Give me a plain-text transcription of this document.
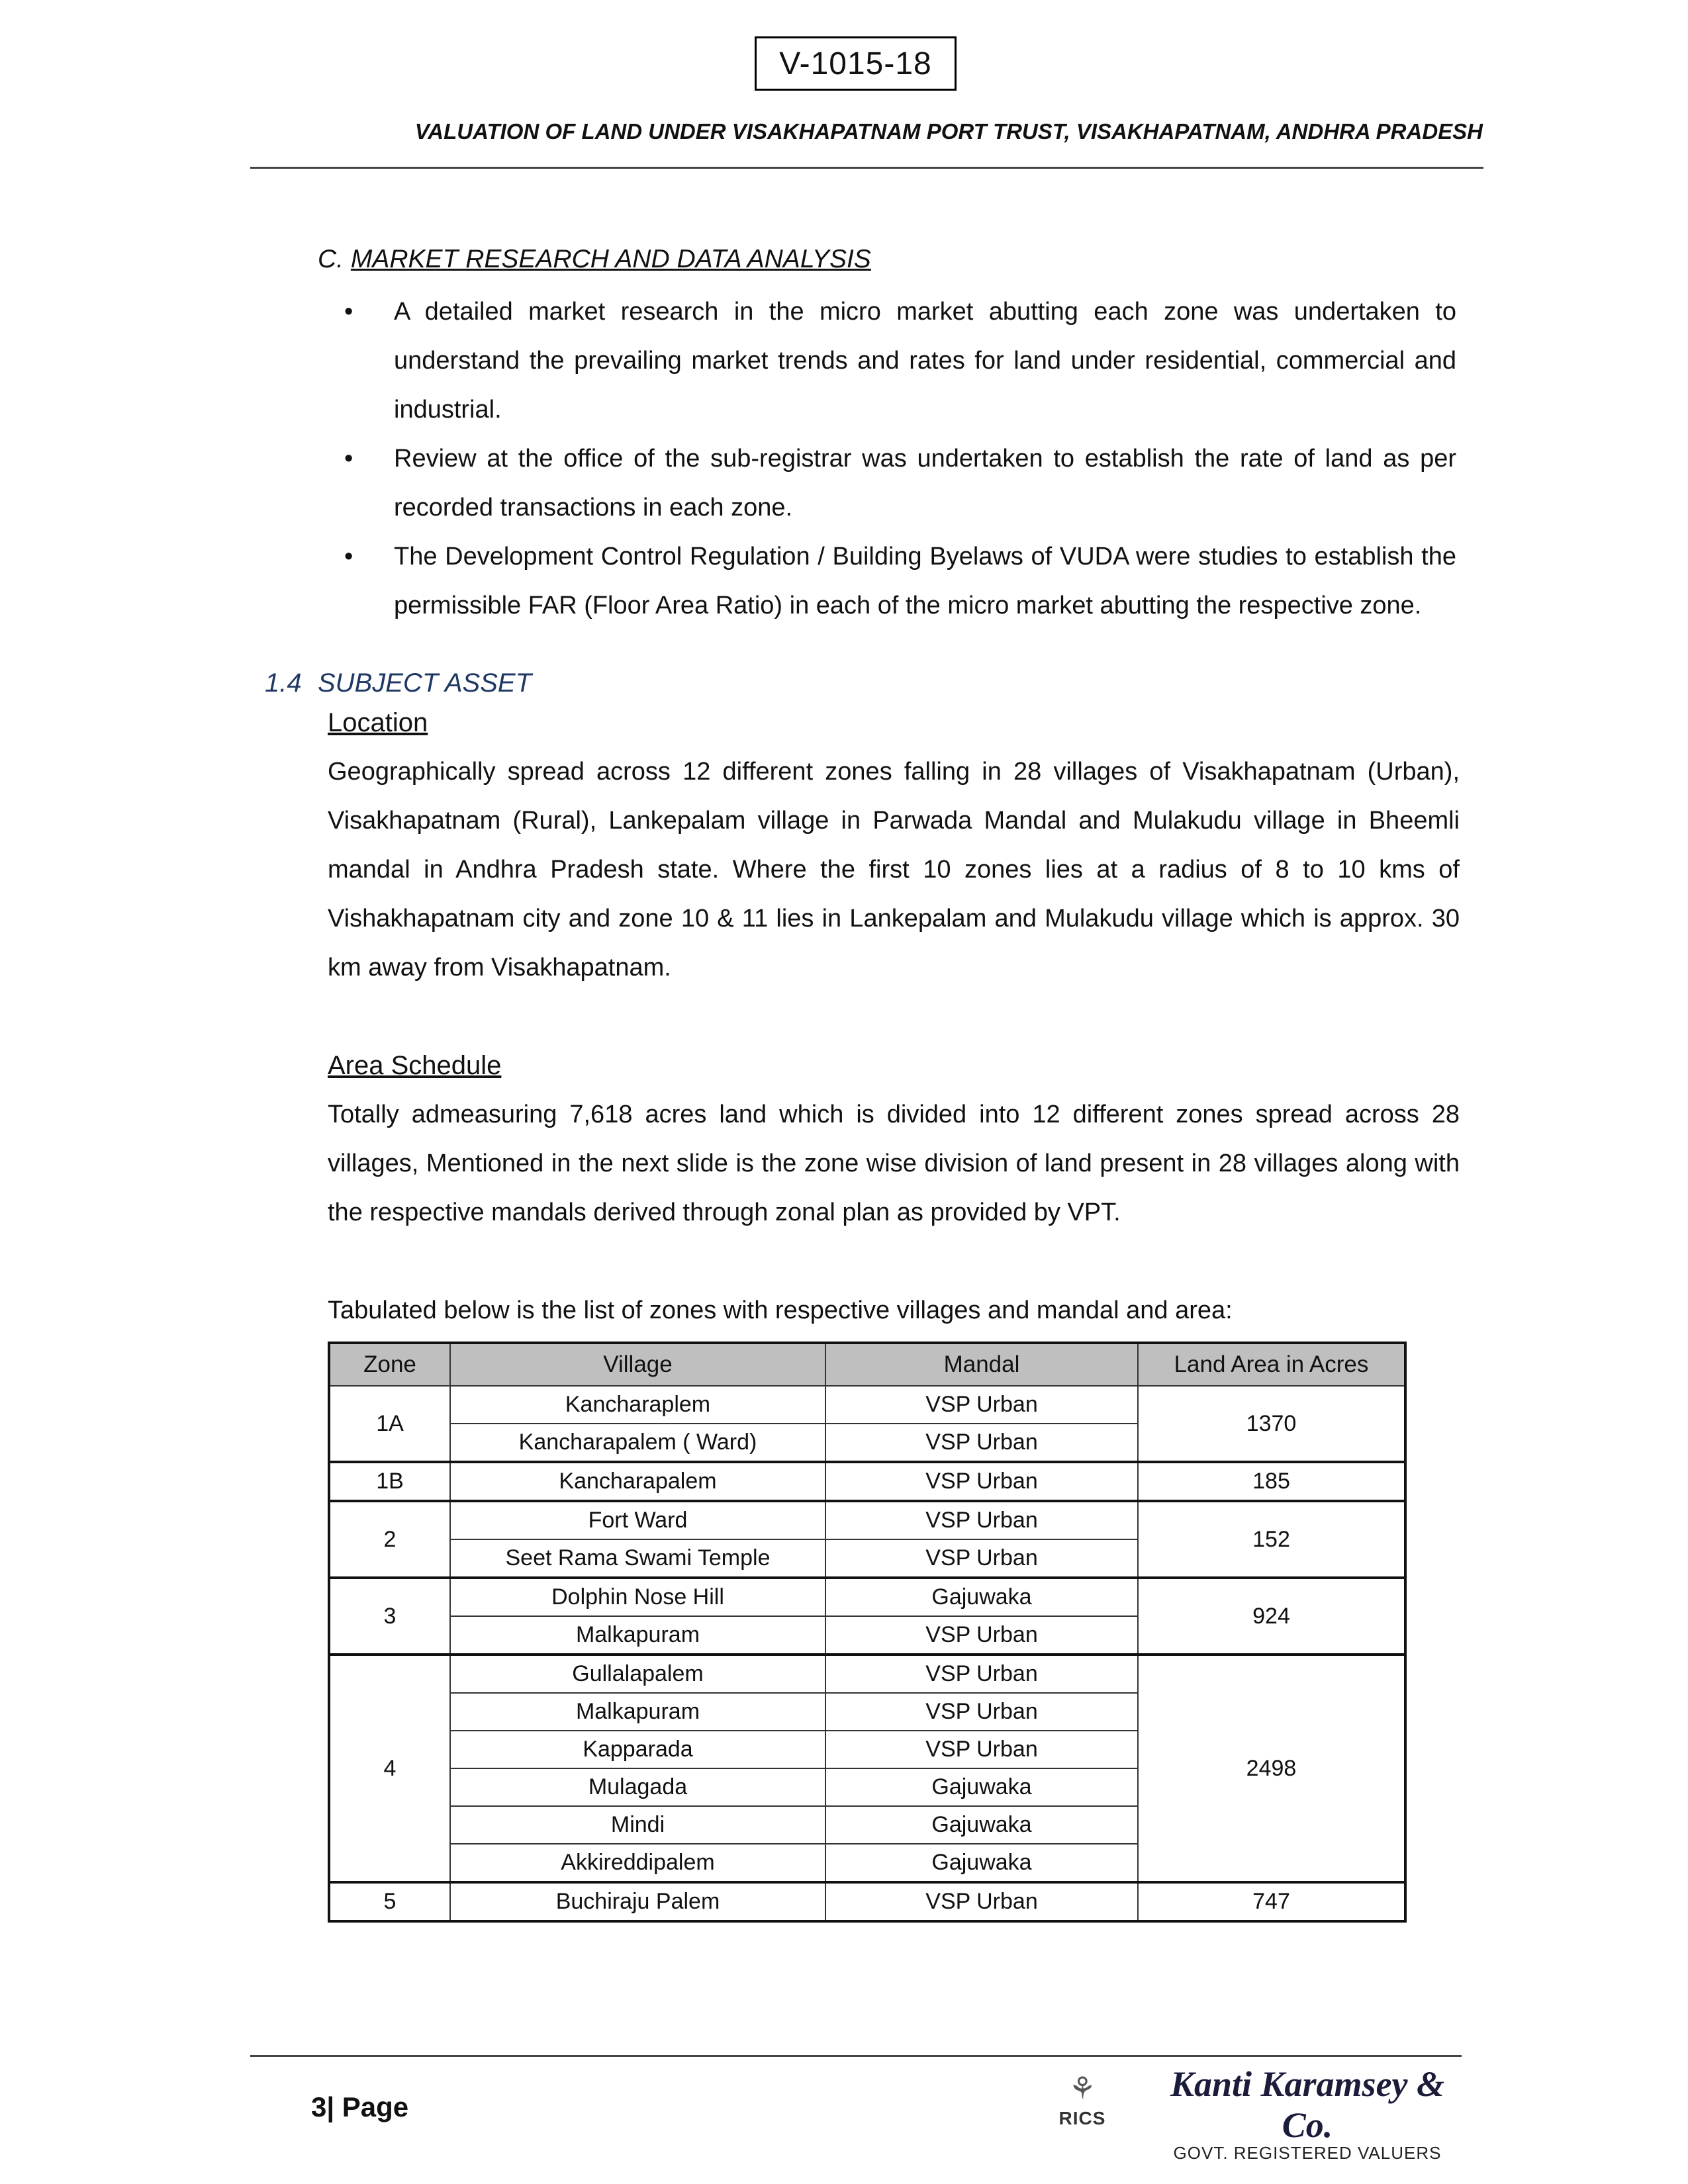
V-1015-18
VALUATION OF LAND UNDER VISAKHAPATNAM PORT TRUST, VISAKHAPATNAM, ANDHRA PRADESH
C. MARKET RESEARCH AND DATA ANALYSIS
• A detailed market research in the micro market abutting each zone was undertaken to understand the prevailing market trends and rates for land under residential, commercial and industrial.
• Review at the office of the sub-registrar was undertaken to establish the rate of land as per recorded transactions in each zone.
• The Development Control Regulation / Building Byelaws of VUDA were studies to establish the permissible FAR (Floor Area Ratio) in each of the micro market abutting the respective zone.
1.4 SUBJECT ASSET
Location
Geographically spread across 12 different zones falling in 28 villages of Visakhapatnam (Urban), Visakhapatnam (Rural), Lankepalam village in Parwada Mandal and Mulakudu village in Bheemli mandal in Andhra Pradesh state. Where the first 10 zones lies at a radius of 8 to 10 kms of Vishakhapatnam city and zone 10 & 11 lies in Lankepalam and Mulakudu village which is approx. 30 km away from Visakhapatnam.
Area Schedule
Totally admeasuring 7,618 acres land which is divided into 12 different zones spread across 28 villages, Mentioned in the next slide is the zone wise division of land present in 28 villages along with the respective mandals derived through zonal plan as provided by VPT.
Tabulated below is the list of zones with respective villages and mandal and area:
Zone	Village	Mandal	Land Area in Acres
1A	Kancharaplem	VSP Urban	1370
	Kancharapalem ( Ward)	VSP Urban	
1B	Kancharapalem	VSP Urban	185
2	Fort Ward	VSP Urban	152
	Seet Rama Swami Temple	VSP Urban	
3	Dolphin Nose Hill	Gajuwaka	924
	Malkapuram	VSP Urban	
4	Gullalapalem	VSP Urban	2498
	Malkapuram	VSP Urban	
	Kapparada	VSP Urban	
	Mulagada	Gajuwaka	
	Mindi	Gajuwaka	
	Akkireddipalem	Gajuwaka	
5	Buchiraju Palem	VSP Urban	747
3| Page
⚘
RICS
Kanti Karamsey & Co.
GOVT. REGISTERED VALUERS
